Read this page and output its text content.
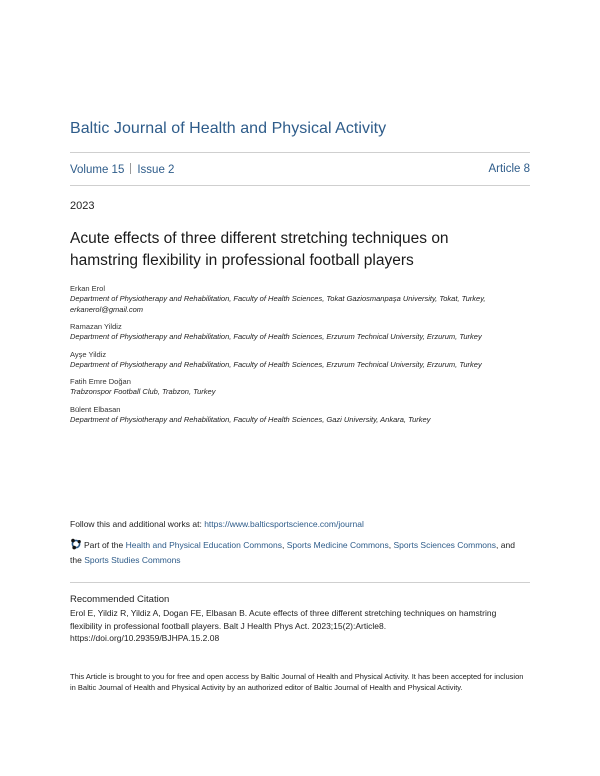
Baltic Journal of Health and Physical Activity
Volume 15 Issue 2	Article 8
2023
Acute effects of three different stretching techniques on hamstring flexibility in professional football players
Erkan Erol
Department of Physiotherapy and Rehabilitation, Faculty of Health Sciences, Tokat Gaziosmanpaşa University, Tokat, Turkey, erkanerol@gmail.com
Ramazan Yildiz
Department of Physiotherapy and Rehabilitation, Faculty of Health Sciences, Erzurum Technical University, Erzurum, Turkey
Ayşe Yildiz
Department of Physiotherapy and Rehabilitation, Faculty of Health Sciences, Erzurum Technical University, Erzurum, Turkey
Fatih Emre Doğan
Trabzonspor Football Club, Trabzon, Turkey
Bülent Elbasan
Department of Physiotherapy and Rehabilitation, Faculty of Health Sciences, Gazi University, Ankara, Turkey
Follow this and additional works at: https://www.balticsportscience.com/journal
Part of the Health and Physical Education Commons, Sports Medicine Commons, Sports Sciences Commons, and the Sports Studies Commons
Recommended Citation
Erol E, Yildiz R, Yildiz A, Dogan FE, Elbasan B. Acute effects of three different stretching techniques on hamstring flexibility in professional football players. Balt J Health Phys Act. 2023;15(2):Article8. https://doi.org/10.29359/BJHPA.15.2.08
This Article is brought to you for free and open access by Baltic Journal of Health and Physical Activity. It has been accepted for inclusion in Baltic Journal of Health and Physical Activity by an authorized editor of Baltic Journal of Health and Physical Activity.
